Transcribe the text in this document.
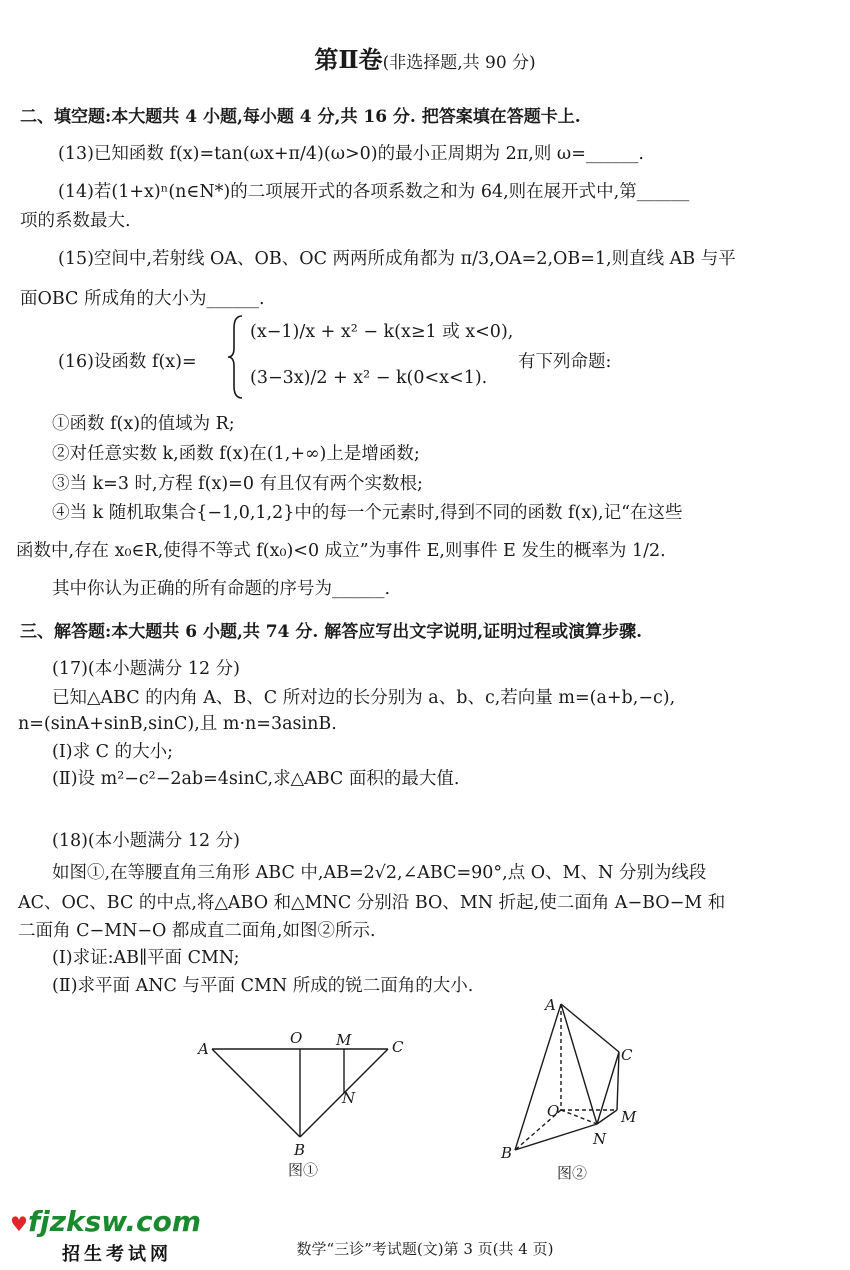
第Ⅱ卷(非选择题,共 90 分)
二、填空题:本大题共 4 小题,每小题 4 分,共 16 分. 把答案填在答题卡上.
(13)已知函数 f(x)=tan(ωx+π/4)(ω>0)的最小正周期为 2π,则 ω=______.
(14)若(1+x)ⁿ(n∈N*)的二项展开式的各项系数之和为 64,则在展开式中,第______
项的系数最大.
(15)空间中,若射线 OA、OB、OC 两两所成角都为 π/3,OA=2,OB=1,则直线 AB 与平
面OBC 所成角的大小为______.
(16)设函数 f(x)=
(x−1)/x + x² − k(x≥1 或 x<0),
(3−3x)/2 + x² − k(0<x<1).
有下列命题:
①函数 f(x)的值域为 R;
②对任意实数 k,函数 f(x)在(1,+∞)上是增函数;
③当 k=3 时,方程 f(x)=0 有且仅有两个实数根;
④当 k 随机取集合{−1,0,1,2}中的每一个元素时,得到不同的函数 f(x),记“在这些
函数中,存在 x₀∈R,使得不等式 f(x₀)<0 成立”为事件 E,则事件 E 发生的概率为 1/2.
其中你认为正确的所有命题的序号为______.
三、解答题:本大题共 6 小题,共 74 分. 解答应写出文字说明,证明过程或演算步骤.
(17)(本小题满分 12 分)
已知△ABC 的内角 A、B、C 所对边的长分别为 a、b、c,若向量 m=(a+b,−c),
n=(sinA+sinB,sinC),且 m·n=3asinB.
(Ⅰ)求 C 的大小;
(Ⅱ)设 m²−c²−2ab=4sinC,求△ABC 面积的最大值.
(18)(本小题满分 12 分)
如图①,在等腰直角三角形 ABC 中,AB=2√2,∠ABC=90°,点 O、M、N 分别为线段
AC、OC、BC 的中点,将△ABO 和△MNC 分别沿 BO、MN 折起,使二面角 A−BO−M 和
二面角 C−MN−O 都成直二面角,如图②所示.
(Ⅰ)求证:AB∥平面 CMN;
(Ⅱ)求平面 ANC 与平面 CMN 所成的锐二面角的大小.
A
O M	C
N
B
图①
A
C
O	M
N
B
图②
♥fjzksw.com
招生考试网	数学“三诊”考试题(文)第 3 页(共 4 页)
